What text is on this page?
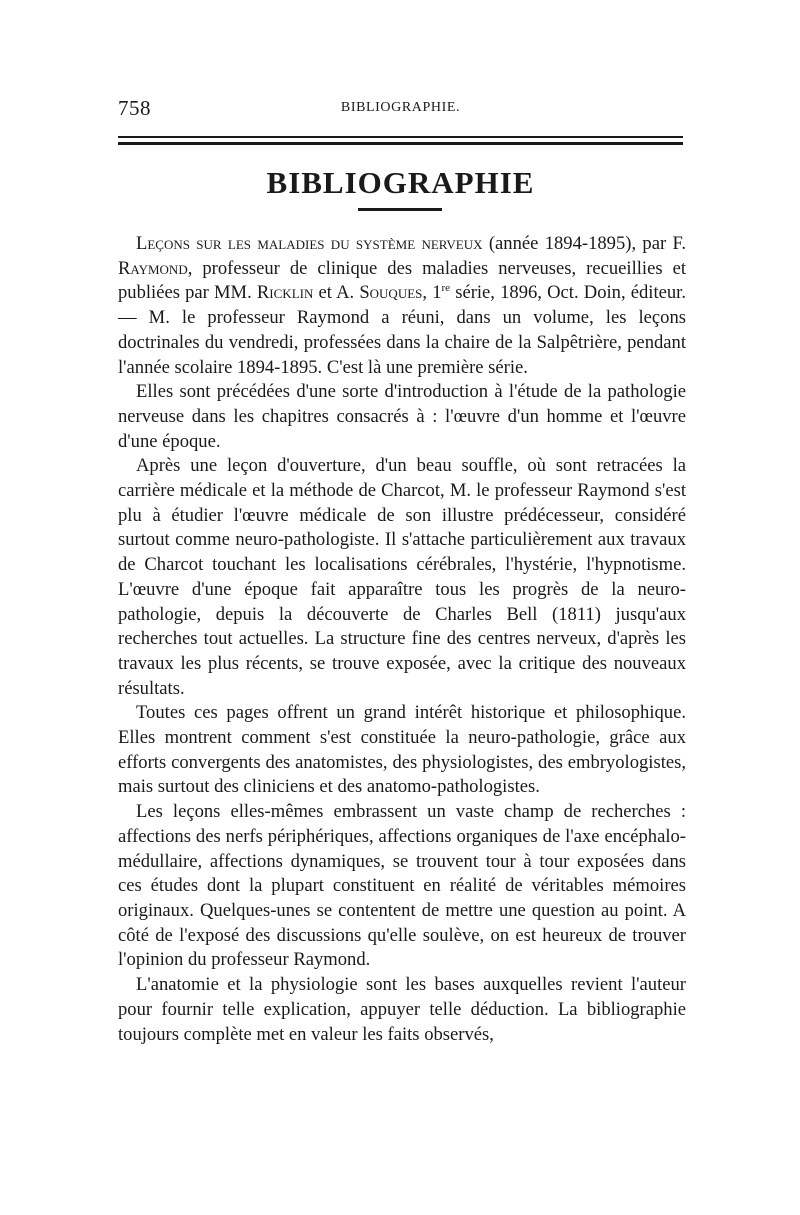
758	BIBLIOGRAPHIE.
BIBLIOGRAPHIE

Leçons sur les maladies du système nerveux (année 1894-1895), par F. Raymond, professeur de clinique des maladies nerveuses, recueillies et publiées par MM. Ricklin et A. Souques, 1re série, 1896, Oct. Doin, éditeur. — M. le professeur Raymond a réuni, dans un volume, les leçons doctrinales du vendredi, professées dans la chaire de la Salpêtrière, pendant l'année scolaire 1894-1895. C'est là une première série.

Elles sont précédées d'une sorte d'introduction à l'étude de la pathologie nerveuse dans les chapitres consacrés à : l'œuvre d'un homme et l'œuvre d'une époque.

Après une leçon d'ouverture, d'un beau souffle, où sont retracées la carrière médicale et la méthode de Charcot, M. le professeur Raymond s'est plu à étudier l'œuvre médicale de son illustre prédécesseur, considéré surtout comme neuro-pathologiste. Il s'attache particulièrement aux travaux de Charcot touchant les localisations cérébrales, l'hystérie, l'hypnotisme. L'œuvre d'une époque fait apparaître tous les progrès de la neuro-pathologie, depuis la découverte de Charles Bell (1811) jusqu'aux recherches tout actuelles. La structure fine des centres nerveux, d'après les travaux les plus récents, se trouve exposée, avec la critique des nouveaux résultats.

Toutes ces pages offrent un grand intérêt historique et philosophique. Elles montrent comment s'est constituée la neuro-pathologie, grâce aux efforts convergents des anatomistes, des physiologistes, des embryologistes, mais surtout des cliniciens et des anatomo-pathologistes.

Les leçons elles-mêmes embrassent un vaste champ de recherches : affections des nerfs périphériques, affections organiques de l'axe encéphalo-médullaire, affections dynamiques, se trouvent tour à tour exposées dans ces études dont la plupart constituent en réalité de véritables mémoires originaux. Quelques-unes se contentent de mettre une question au point. A côté de l'exposé des discussions qu'elle soulève, on est heureux de trouver l'opinion du professeur Raymond.

L'anatomie et la physiologie sont les bases auxquelles revient l'auteur pour fournir telle explication, appuyer telle déduction. La bibliographie toujours complète met en valeur les faits observés,
